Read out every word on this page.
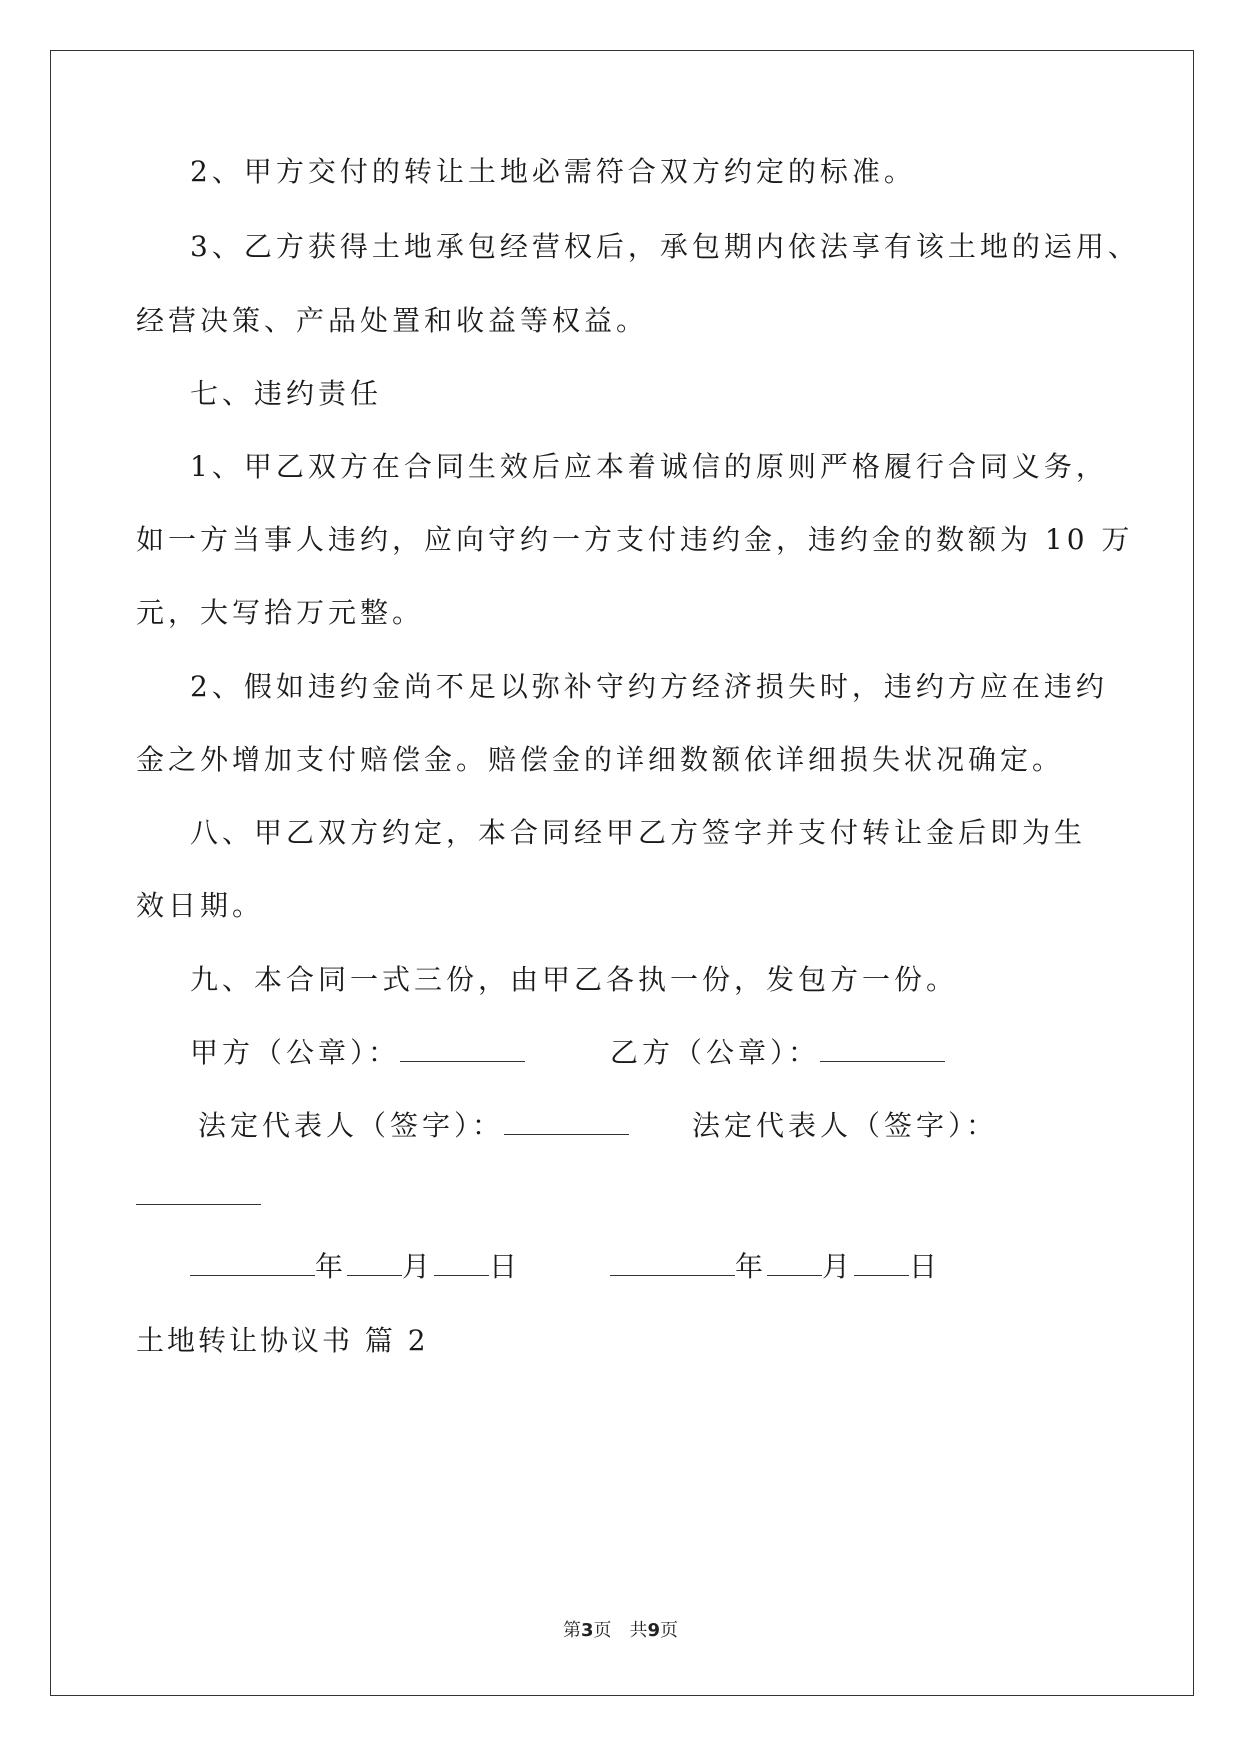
2、甲方交付的转让土地必需符合双方约定的标准。
3、乙方获得土地承包经营权后，承包期内依法享有该土地的运用、
经营决策、产品处置和收益等权益。
七、违约责任
1、甲乙双方在合同生效后应本着诚信的原则严格履行合同义务，
如一方当事人违约，应向守约一方支付违约金，违约金的数额为 10 万
元，大写拾万元整。
2、假如违约金尚不足以弥补守约方经济损失时，违约方应在违约
金之外增加支付赔偿金。赔偿金的详细数额依详细损失状况确定。
八、甲乙双方约定，本合同经甲乙方签字并支付转让金后即为生
效日期。
九、本合同一式三份，由甲乙各执一份，发包方一份。
甲方（公章）：	乙方（公章）：
法定代表人（签字）：	法定代表人（签字）：
年 月 日	年 月 日
土地转让协议书 篇 2
第3页　共9页
